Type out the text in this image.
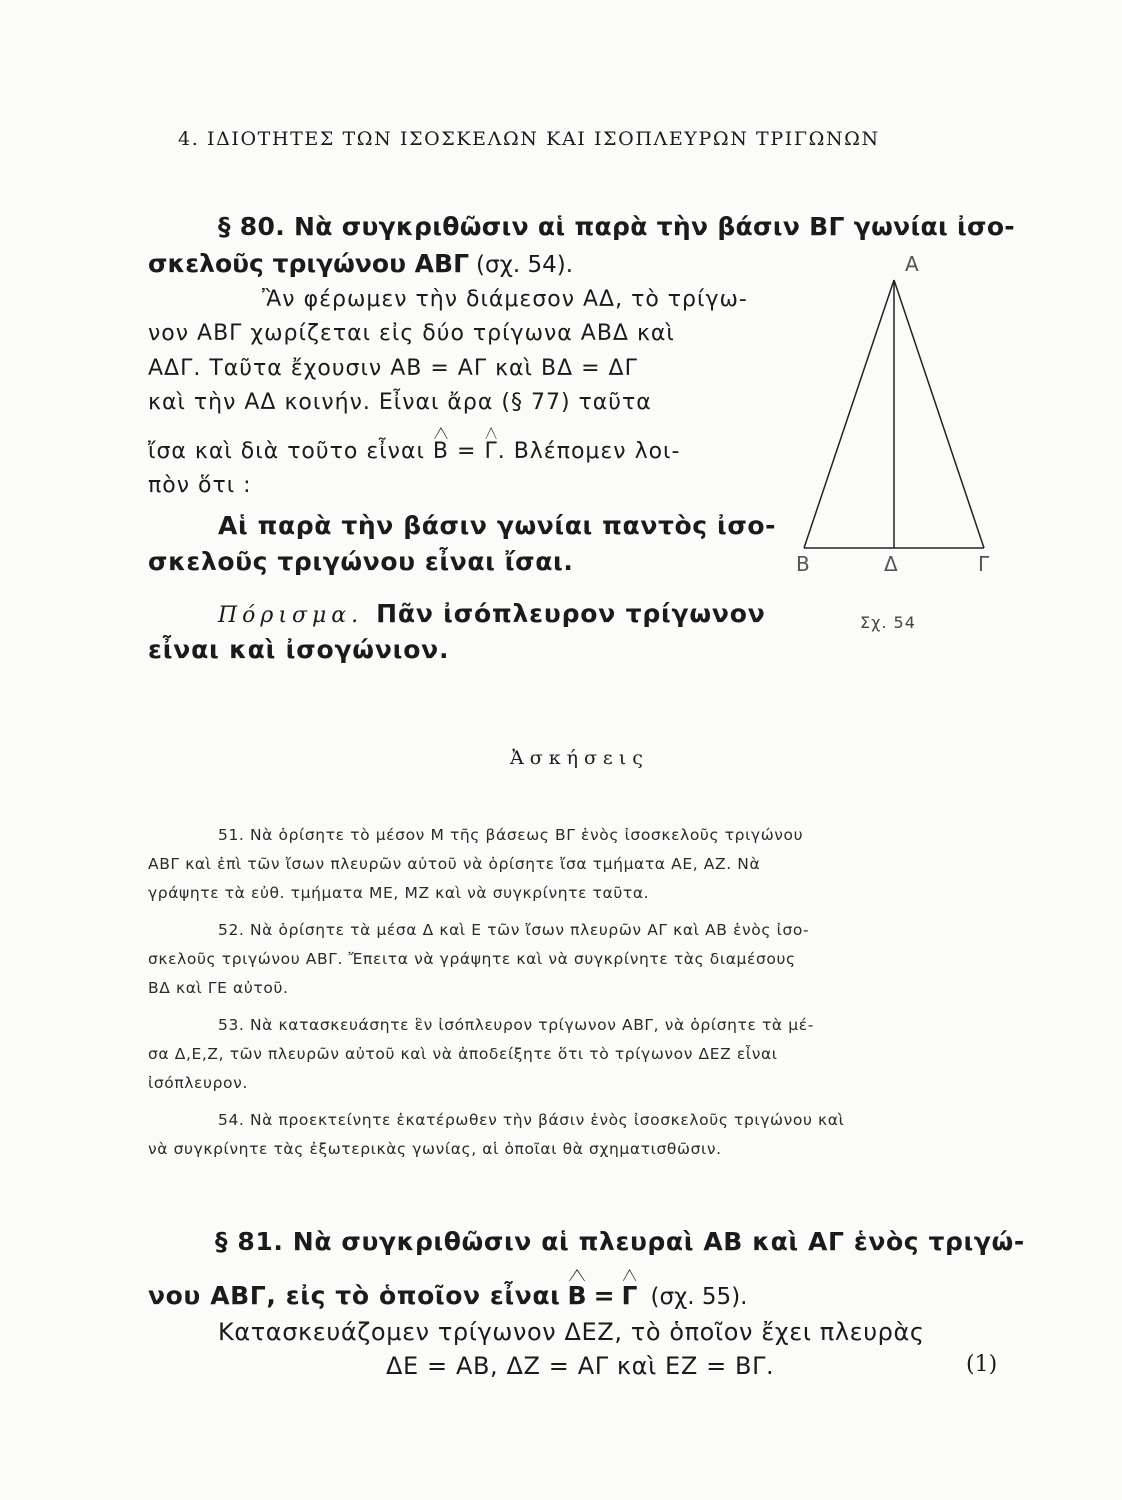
4. ΙΔΙΟΤΗΤΕΣ ΤΩΝ ΙΣΟΣΚΕΛΩΝ ΚΑΙ ΙΣΟΠΛΕΥΡΩΝ ΤΡΙΓΩΝΩΝ
§ 80. Νὰ συγκριθῶσιν αἱ παρὰ τὴν βάσιν ΒΓ γωνίαι ἰσο-
σκελοῦς τριγώνου ΑΒΓ (σχ. 54).
Ἂν φέρωμεν τὴν διάμεσον ΑΔ, τὸ τρίγω-
νον ΑΒΓ χωρίζεται εἰς δύο τρίγωνα ΑΒΔ καὶ
ΑΔΓ. Ταῦτα ἔχουσιν ΑΒ = ΑΓ καὶ ΒΔ = ΔΓ
καὶ τὴν ΑΔ κοινήν. Εἶναι ἄρα (§ 77) ταῦτα
ἴσα καὶ διὰ τοῦτο εἶναι Β = Γ. Βλέπομεν λοι-
πὸν ὅτι :
Αἱ παρὰ τὴν βάσιν γωνίαι παντὸς ἰσο-
σκελοῦς τριγώνου εἶναι ἴσαι.
Πόρισμα. Πᾶν ἰσόπλευρον τρίγωνον
εἶναι καὶ ἰσογώνιον.
Α
Β	Δ	Γ
Σχ. 54
Ἀσκήσεις
51. Νὰ ὁρίσητε τὸ μέσον Μ τῆς βάσεως ΒΓ ἑνὸς ἰσοσκελοῦς τριγώνου
ΑΒΓ καὶ ἐπὶ τῶν ἴσων πλευρῶν αὐτοῦ νὰ ὁρίσητε ἴσα τμήματα ΑΕ, ΑΖ. Νὰ
γράψητε τὰ εὐθ. τμήματα ΜΕ, ΜΖ καὶ νὰ συγκρίνητε ταῦτα.
52. Νὰ ὁρίσητε τὰ μέσα Δ καὶ Ε τῶν ἴσων πλευρῶν ΑΓ καὶ ΑΒ ἑνὸς ἰσο-
σκελοῦς τριγώνου ΑΒΓ. Ἔπειτα νὰ γράψητε καὶ νὰ συγκρίνητε τὰς διαμέσους
ΒΔ καὶ ΓΕ αὐτοῦ.
53. Νὰ κατασκευάσητε ἓν ἰσόπλευρον τρίγωνον ΑΒΓ, νὰ ὁρίσητε τὰ μέ-
σα Δ,Ε,Ζ, τῶν πλευρῶν αὐτοῦ καὶ νὰ ἀποδείξητε ὅτι τὸ τρίγωνον ΔΕΖ εἶναι
ἰσόπλευρον.
54. Νὰ προεκτείνητε ἑκατέρωθεν τὴν βάσιν ἑνὸς ἰσοσκελοῦς τριγώνου καὶ
νὰ συγκρίνητε τὰς ἐξωτερικὰς γωνίας, αἱ ὁποῖαι θὰ σχηματισθῶσιν.
§ 81. Νὰ συγκριθῶσιν αἱ πλευραὶ ΑΒ καὶ ΑΓ ἑνὸς τριγώ-
νου ΑΒΓ, εἰς τὸ ὁποῖον εἶναι Β = Γ (σχ. 55).
Κατασκευάζομεν τρίγωνον ΔΕΖ, τὸ ὁποῖον ἔχει πλευρὰς
ΔΕ = ΑΒ, ΔΖ = ΑΓ καὶ ΕΖ = ΒΓ.	(1)
